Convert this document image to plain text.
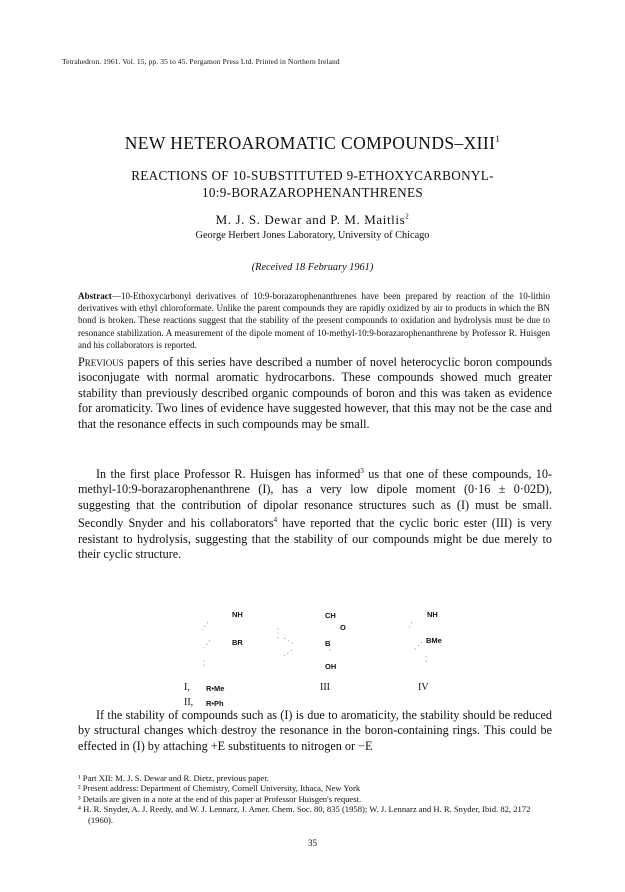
Tetrahedron. 1961. Vol. 15, pp. 35 to 45. Pergamon Press Ltd. Printed in Northern Ireland
NEW HETEROAROMATIC COMPOUNDS–XIII$^1$
REACTIONS OF 10-SUBSTITUTED 9-ETHOXYCARBONYL-
10:9-BORAZAROPHENANTHRENES
M. J. S. Dewar and P. M. Maitlis$^2$
George Herbert Jones Laboratory, University of Chicago
(Received 18 February 1961)
Abstract—10-Ethoxycarbonyl derivatives of 10:9-borazarophenanthrenes have been prepared by reaction of the 10-lithio derivatives with ethyl chloroformate. Unlike the parent compounds they are rapidly oxidized by air to products in which the BN bond is broken. These reactions suggest that the stability of the present compounds to oxidation and hydrolysis must be due to resonance stabilization. A measurement of the dipole moment of 10-methyl-10:9-borazarophenanthrene by Professor R. Huisgen and his collaborators is reported.
Previous papers of this series have described a number of novel heterocyclic boron compounds isoconjugate with normal aromatic hydrocarbons. These compounds showed much greater stability than previously described organic compounds of boron and this was taken as evidence for aromaticity. Two lines of evidence have suggested however, that this may not be the case and that the resonance effects in such compounds may be small.
In the first place Professor R. Huisgen has informed$^3$ us that one of these compounds, 10-methyl-10:9-borazarophenanthrene (I), has a very low dipole moment (0·16 ± 0·02D), suggesting that the contribution of dipolar resonance structures such as (I) must be small. Secondly Snyder and his collaborators$^4$ have reported that the cyclic boric ester (III) is very resistant to hydrolysis, suggesting that the stability of our compounds might be due merely to their cyclic structure.
NH
BR
CH
O
B
OH
NH
BMe
I, R•Me
II, R•Ph
III	IV
If the stability of compounds such as (I) is due to aromaticity, the stability should be reduced by structural changes which destroy the resonance in the boron-containing rings. This could be effected in (I) by attaching +E substituents to nitrogen or −E
¹ Part XII: M. J. S. Dewar and R. Dietz, previous paper.
² Present address: Department of Chemistry, Cornell University, Ithaca, New York
³ Details are given in a note at the end of this paper at Professor Huisgen's request.
⁴ H. R. Snyder, A. J. Reedy, and W. J. Lennarz, J. Amer. Chem. Soc. 80, 835 (1958); W. J. Lennarz and H. R. Snyder, Ibid. 82, 2172 (1960).
35
